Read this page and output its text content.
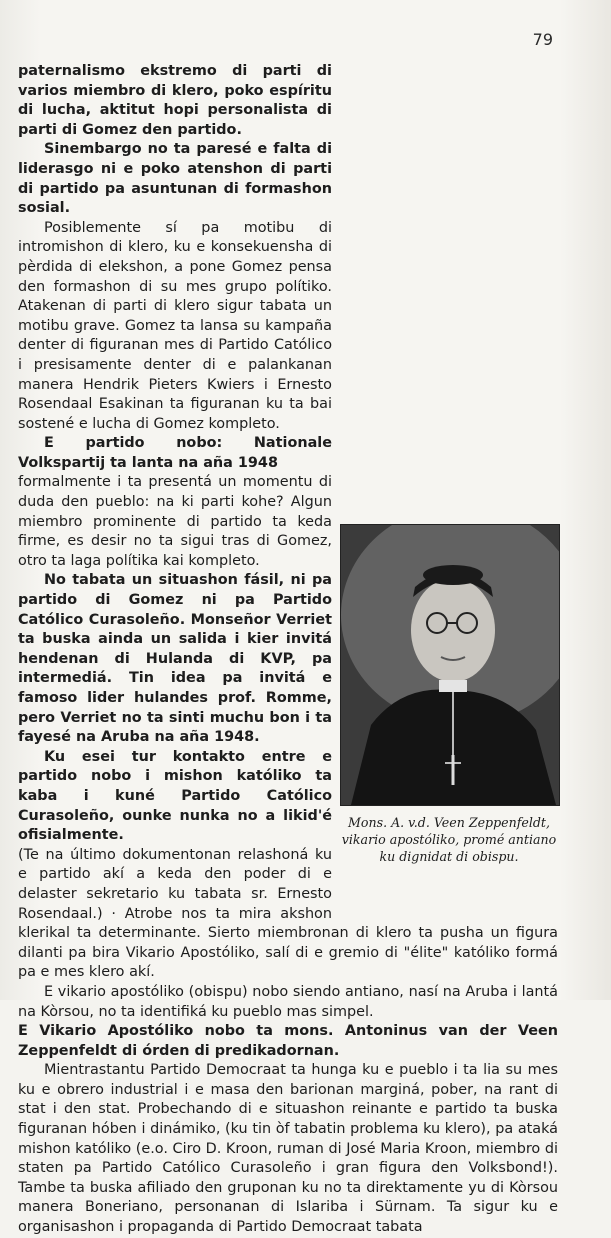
79

paternalismo ekstremo di parti di varios miembro di klero, poko espíritu di lucha, aktitut hopi personalista di parti di Gomez den partido.

Sinembargo no ta paresé e falta di liderasgo ni e poko atenshon di parti di partido pa asuntunan di formashon sosial.

Posiblemente sí pa motibu di intromishon di klero, ku e konsekuensha di pèrdida di elekshon, a pone Gomez pensa den formashon di su mes grupo polítiko. Atakenan di parti di klero sigur tabata un motibu grave. Gomez ta lansa su kampaña denter di figuranan mes di Partido Católico i presisamente denter di e palankanan manera Hendrik Pieters Kwiers i Ernesto Rosendaal Esakinan ta figuranan ku ta bai sostené e lucha di Gomez kompleto.

E partido nobo: Nationale Volkspartij ta lanta na aña 1948

formalmente i ta presentá un momentu di duda den pueblo: na ki parti kohe? Algun miembro prominente di partido ta keda firme, es desir no ta sigui tras di Gomez, otro ta laga polítika kai kompleto.

No tabata un situashon fásil, ni pa partido di Gomez ni pa Partido Católico Curasoleño. Monseñor Verriet ta buska ainda un salida i kier invitá hendenan di Hulanda di KVP, pa intermediá. Tin idea pa invitá e famoso lider hulandes prof. Romme, pero Verriet no ta sinti muchu bon i ta fayesé na Aruba na aña 1948.

Ku esei tur kontakto entre e partido nobo i mishon katóliko ta kaba i kuné Partido Católico Curasoleño, ounke nunka no a likid'é ofisialmente.

(Te na último dokumentonan relashoná ku e partido akí a keda den poder di e delaster sekretario ku tabata sr. Ernesto Rosendaal.) · Atrobe nos ta mira akshon klerikal ta determinante. Sierto miembronan di klero ta pusha un figura dilanti pa bira Vikario Apostóliko, salí di e gremio di "élite" katóliko formá pa e mes klero akí.

E vikario apostóliko (obispu) nobo siendo antiano, nasí na Aruba i lantá na Kòrsou, no ta identifiká ku pueblo mas simpel.

E Vikario Apostóliko nobo ta mons. Antoninus van der Veen Zeppenfeldt di órden di predikadornan.

Mientrastantu Partido Democraat ta hunga ku e pueblo i ta lia su mes ku e obrero industrial i e masa den barionan marginá, pober, na rant di stat i den stat. Probechando di e situashon reinante e partido ta buska figuranan hóben i dinámiko, (ku tin òf tabatin problema ku klero), pa ataká mishon katóliko (e.o. Ciro D. Kroon, ruman di José Maria Kroon, miembro di staten pa Partido Católico Curasoleño i gran figura den Volksbond!). Tambe ta buska afiliado den gruponan ku no ta direktamente yu di Kòrsou manera Boneriano, personanan di Islariba i Sürnam. Ta sigur ku e organisashon i propaganda di Partido Democraat tabata

Mons. A. v.d. Veen Zeppenfeldt,
vikario apostóliko, promé antiano
ku dignidat di obispu.
